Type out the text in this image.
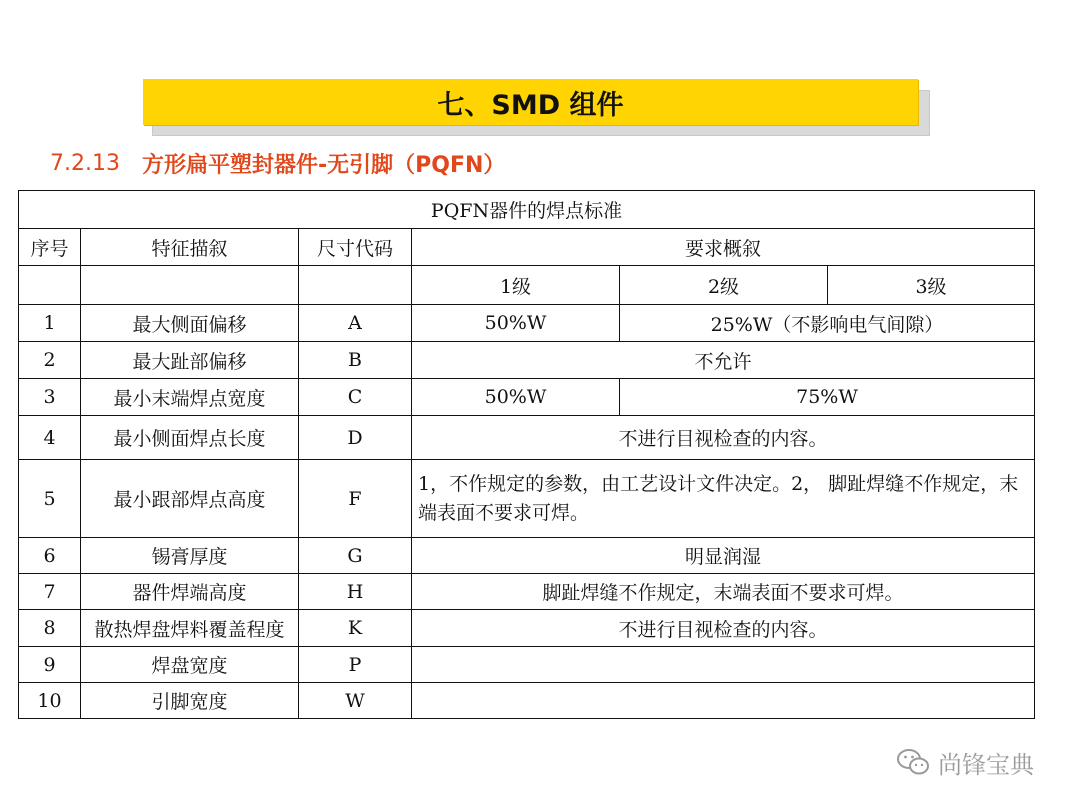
七、SMD 组件
7.2.13 方形扁平塑封器件-无引脚（PQFN）
PQFN器件的焊点标准					
序号	特征描叙	尺寸代码	要求概叙		
			1级	2级	3级
1	最大侧面偏移	A	50%W	25%W（不影响电气间隙）	
2	最大趾部偏移	B	不允许		
3	最小末端焊点宽度	C	50%W	75%W	
4	最小侧面焊点长度	D	不进行目视检查的内容。		
5	最小跟部焊点高度	F	1，不作规定的参数，由工艺设计文件决定。2， 脚趾焊缝不作规定，末端表面不要求可焊。		
6	锡膏厚度	G	明显润湿		
7	器件焊端高度	H	脚趾焊缝不作规定，末端表面不要求可焊。		
8	散热焊盘焊料覆盖程度	K	不进行目视检查的内容。		
9	焊盘宽度	P			
10	引脚宽度	W			
尚锋宝典
